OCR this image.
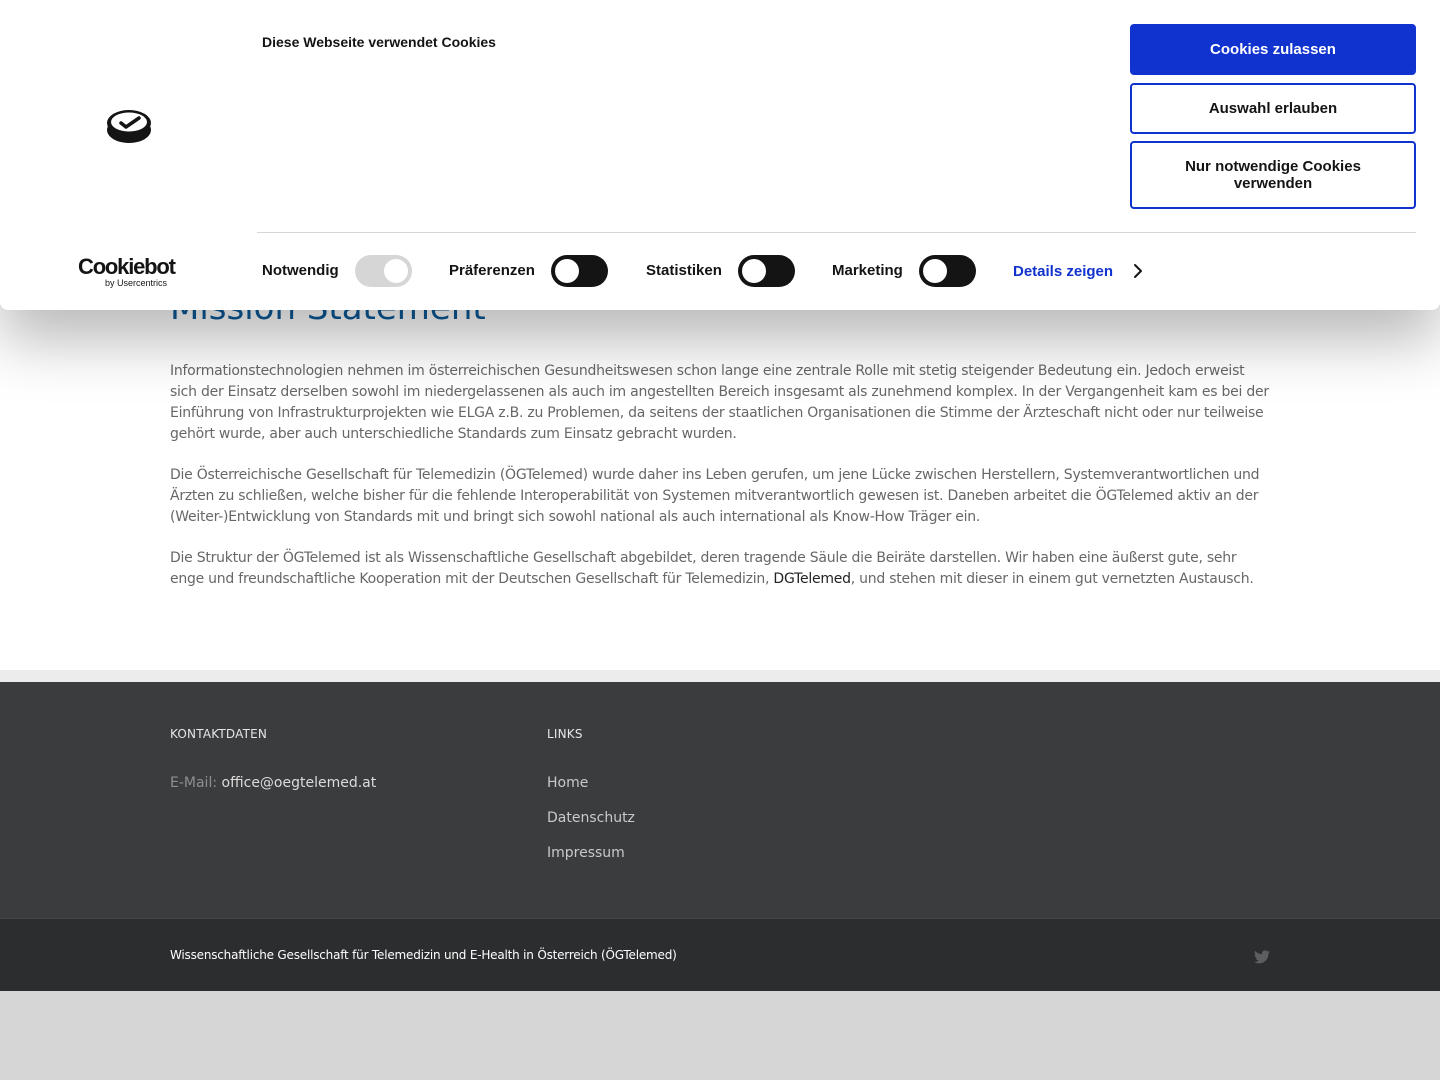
Informationstechnologien nehmen im österreichischen Gesundheitswesen schon lange eine zentrale Rolle mit stetig steigender Bedeutung ein. Jedoch erweist sich der Einsatz derselben sowohl im niedergelassenen als auch im angestellten Bereich insgesamt als zunehmend komplex. In der Vergangenheit kam es bei der Einführung von Infrastrukturprojekten wie ELGA z.B. zu Problemen, da seitens der staatlichen Organisationen die Stimme der Ärzteschaft nicht oder nur teilweise gehört wurde, aber auch unterschiedliche Standards zum Einsatz gebracht wurden.

Die Österreichische Gesellschaft für Telemedizin (ÖGTelemed) wurde daher ins Leben gerufen, um jene Lücke zwischen Herstellern, Systemverantwortlichen und Ärzten zu schließen, welche bisher für die fehlende Interoperabilität von Systemen mitverantwortlich gewesen ist. Daneben arbeitet die ÖGTelemed aktiv an der (Weiter-)Entwicklung von Standards mit und bringt sich sowohl national als auch international als Know-How Träger ein.

Die Struktur der ÖGTelemed ist als Wissenschaftliche Gesellschaft abgebildet, deren tragende Säule die Beiräte darstellen. Wir haben eine äußerst gute, sehr enge und freundschaftliche Kooperation mit der Deutschen Gesellschaft für Telemedizin, DGTelemed, und stehen mit dieser in einem gut vernetzten Austausch.

KONTAKTDATEN
E-Mail: office@oegtelemed.at
LINKS
Home
Datenschutz
Impressum
Wissenschaftliche Gesellschaft für Telemedizin und E-Health in Österreich (ÖGTelemed)
Diese Webseite verwendet Cookies	Cookies zulassen
Auswahl erlauben
Nur notwendige Cookies verwenden
Cookiebot
by Usercentrics
Notwendig	Präferenzen	Statistiken	Marketing	Details zeigen
